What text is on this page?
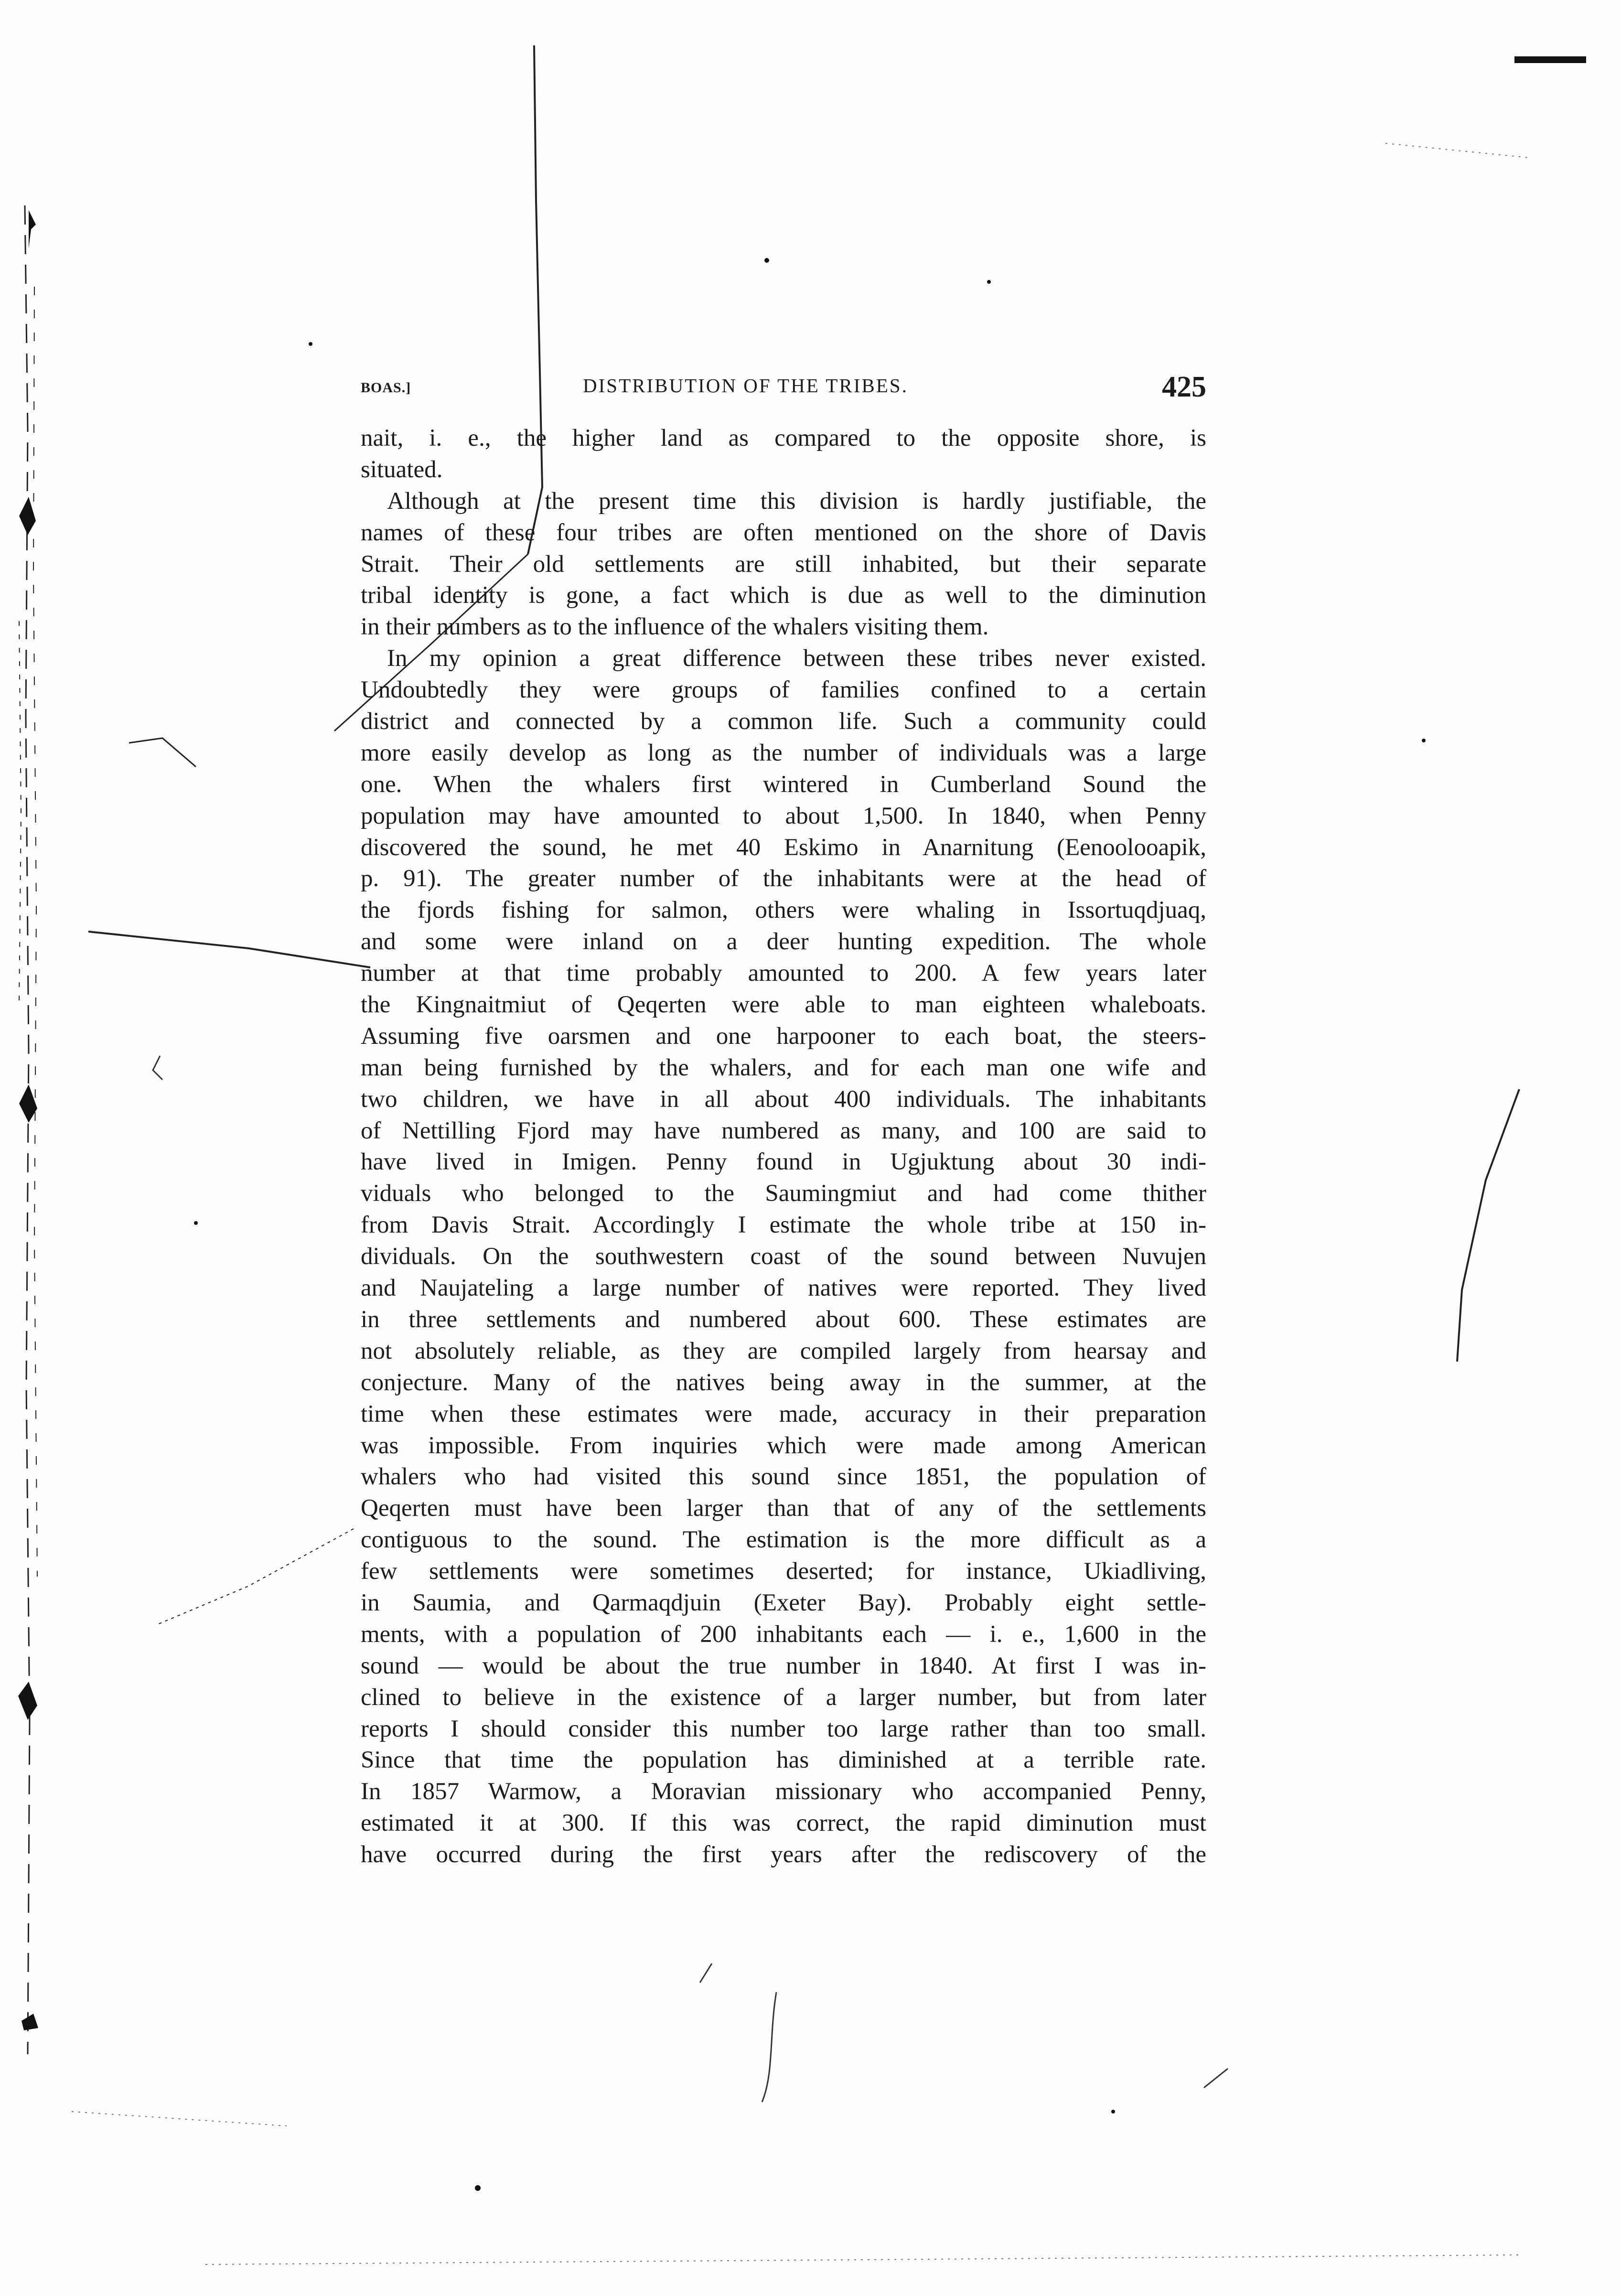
BOAS.]	DISTRIBUTION OF THE TRIBES.	425
nait, i. e., the higher land as compared to the opposite shore, is
situated.
Although at the present time this division is hardly justifiable, the
names of these four tribes are often mentioned on the shore of Davis
Strait. Their old settlements are still inhabited, but their separate
tribal identity is gone, a fact which is due as well to the diminution
in their numbers as to the influence of the whalers visiting them.
In my opinion a great difference between these tribes never existed.
Undoubtedly they were groups of families confined to a certain
district and connected by a common life. Such a community could
more easily develop as long as the number of individuals was a large
one. When the whalers first wintered in Cumberland Sound the
population may have amounted to about 1,500. In 1840, when Penny
discovered the sound, he met 40 Eskimo in Anarnitung (Eenoolooapik,
p. 91). The greater number of the inhabitants were at the head of
the fjords fishing for salmon, others were whaling in Issortuqdjuaq,
and some were inland on a deer hunting expedition. The whole
number at that time probably amounted to 200. A few years later
the Kingnaitmiut of Qeqerten were able to man eighteen whaleboats.
Assuming five oarsmen and one harpooner to each boat, the steers-
man being furnished by the whalers, and for each man one wife and
two children, we have in all about 400 individuals. The inhabitants
of Nettilling Fjord may have numbered as many, and 100 are said to
have lived in Imigen. Penny found in Ugjuktung about 30 indi-
viduals who belonged to the Saumingmiut and had come thither
from Davis Strait. Accordingly I estimate the whole tribe at 150 in-
dividuals. On the southwestern coast of the sound between Nuvujen
and Naujateling a large number of natives were reported. They lived
in three settlements and numbered about 600. These estimates are
not absolutely reliable, as they are compiled largely from hearsay and
conjecture. Many of the natives being away in the summer, at the
time when these estimates were made, accuracy in their preparation
was impossible. From inquiries which were made among American
whalers who had visited this sound since 1851, the population of
Qeqerten must have been larger than that of any of the settlements
contiguous to the sound. The estimation is the more difficult as a
few settlements were sometimes deserted; for instance, Ukiadliving,
in Saumia, and Qarmaqdjuin (Exeter Bay). Probably eight settle-
ments, with a population of 200 inhabitants each — i. e., 1,600 in the
sound — would be about the true number in 1840. At first I was in-
clined to believe in the existence of a larger number, but from later
reports I should consider this number too large rather than too small.
Since that time the population has diminished at a terrible rate.
In 1857 Warmow, a Moravian missionary who accompanied Penny,
estimated it at 300. If this was correct, the rapid diminution must
have occurred during the first years after the rediscovery of the
